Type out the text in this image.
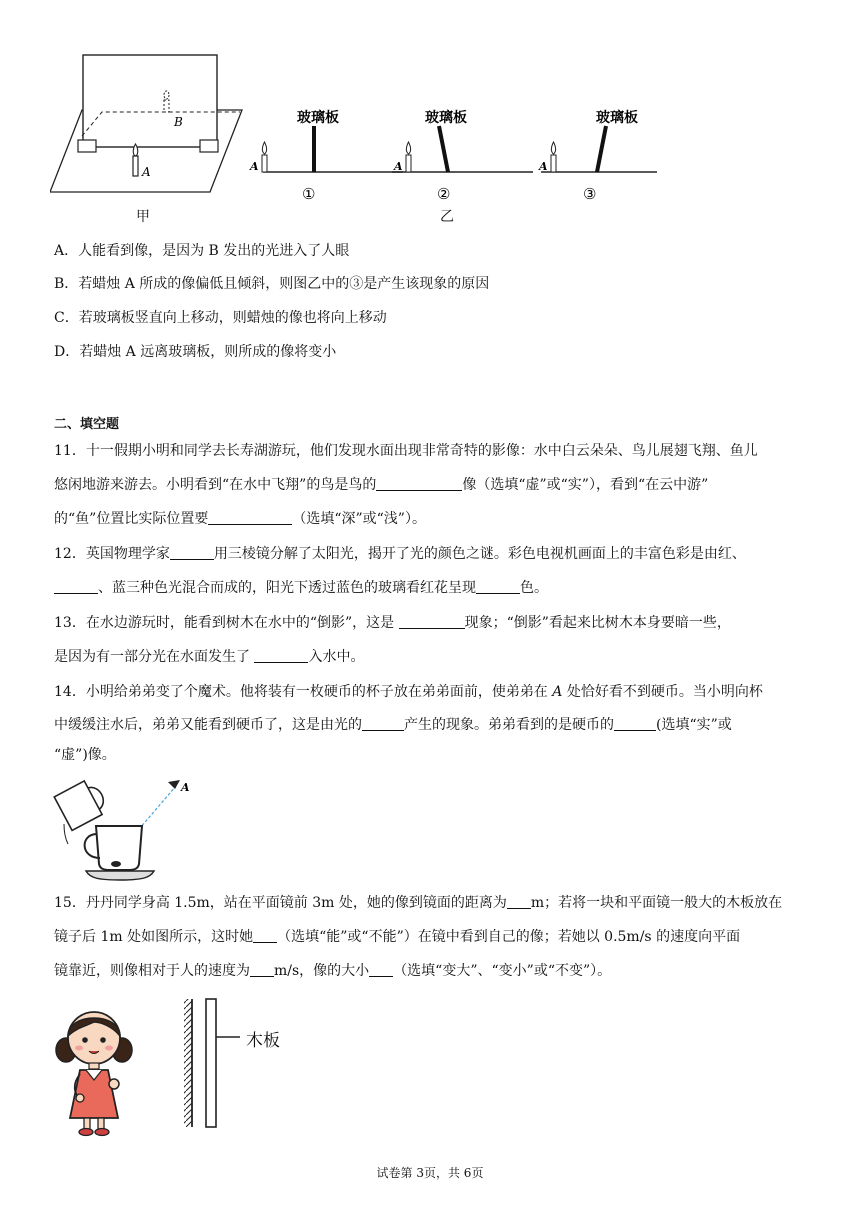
B
A
甲
玻璃板
A
①
玻璃板
A
②
玻璃板
A
③
乙
A．人能看到像，是因为 B 发出的光进入了人眼
B．若蜡烛 A 所成的像偏低且倾斜，则图乙中的③是产生该现象的原因
C．若玻璃板竖直向上移动，则蜡烛的像也将向上移动
D．若蜡烛 A 远离玻璃板，则所成的像将变小
二、填空题
11．十一假期小明和同学去长寿湖游玩，他们发现水面出现非常奇特的影像：水中白云朵朵、鸟儿展翅飞翔、鱼儿
悠闲地游来游去。小明看到“在水中飞翔”的鸟是鸟的	像（选填“虚”或“实”），看到“在云中游”
的“鱼”位置比实际位置要	（选填“深”或“浅”）。
12．英国物理学家	用三棱镜分解了太阳光，揭开了光的颜色之谜。彩色电视机画面上的丰富色彩是由红、
、蓝三种色光混合而成的，阳光下透过蓝色的玻璃看红花呈现	色。
13．在水边游玩时，能看到树木在水中的“倒影”，这是	现象；“倒影”看起来比树木本身要暗一些，
是因为有一部分光在水面发生了	入水中。
14．小明给弟弟变了个魔术。他将装有一枚硬币的杯子放在弟弟面前，使弟弟在 A 处恰好看不到硬币。当小明向杯
中缓缓注水后，弟弟又能看到硬币了，这是由光的	产生的现象。弟弟看到的是硬币的	(选填“实”或
“虚”)像。
A
15．丹丹同学身高 1.5m，站在平面镜前 3m 处，她的像到镜面的距离为 m；若将一块和平面镜一般大的木板放在
镜子后 1m 处如图所示，这时她 （选填“能”或“不能”）在镜中看到自己的像；若她以 0.5m/s 的速度向平面
镜靠近，则像相对于人的速度为 m/s，像的大小 （选填“变大”、“变小”或“不变”）。
木板
试卷第 3页，共 6页
